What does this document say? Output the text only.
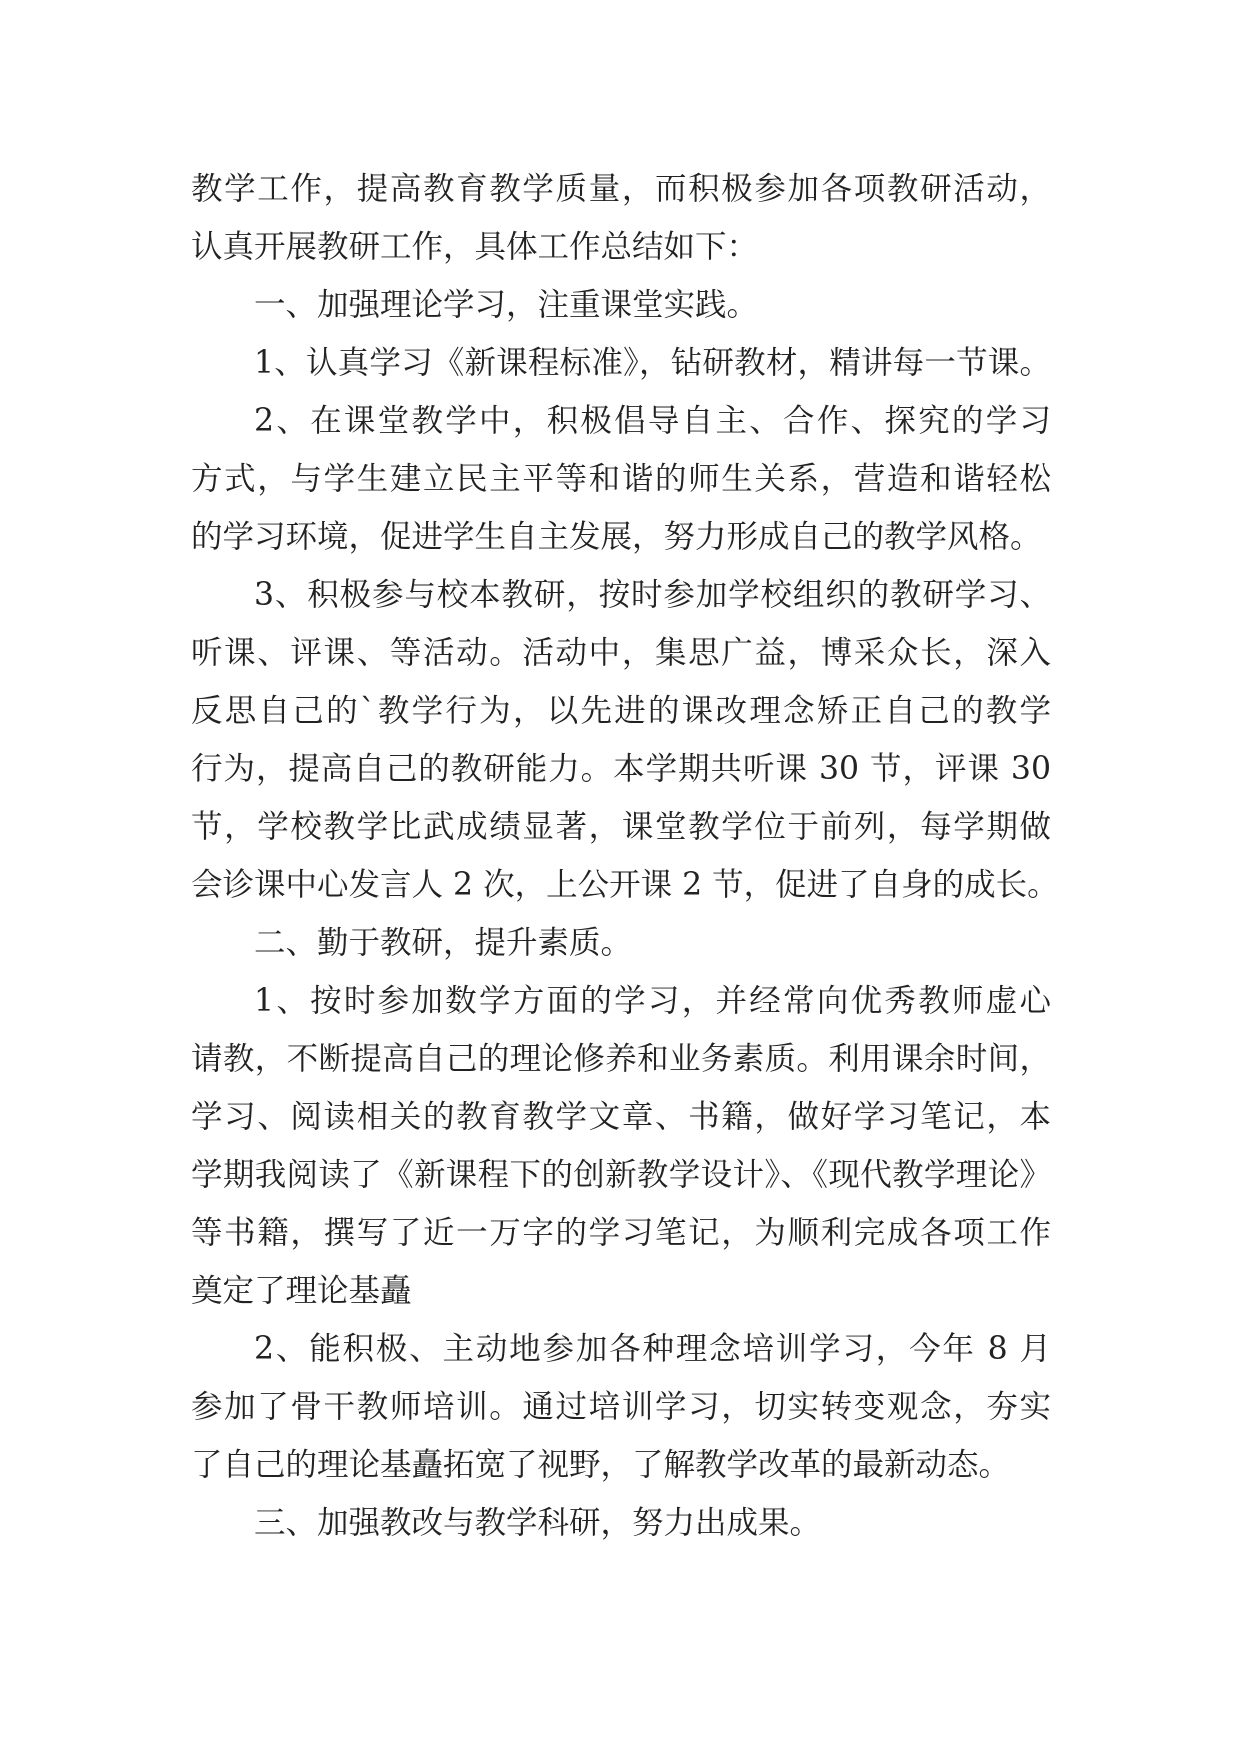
教学工作，提高教育教学质量，而积极参加各项教研活动，
认真开展教研工作，具体工作总结如下：
一、加强理论学习，注重课堂实践。
1、认真学习《新课程标准》，钻研教材，精讲每一节课。
2、在课堂教学中，积极倡导自主、合作、探究的学习
方式，与学生建立民主平等和谐的师生关系，营造和谐轻松
的学习环境，促进学生自主发展，努力形成自己的教学风格。
3、积极参与校本教研，按时参加学校组织的教研学习、
听课、评课、等活动。活动中，集思广益，博采众长，深入
反思自己的`教学行为，以先进的课改理念矫正自己的教学
行为，提高自己的教研能力。本学期共听课 30 节，评课 30
节，学校教学比武成绩显著，课堂教学位于前列，每学期做
会诊课中心发言人 2 次，上公开课 2 节，促进了自身的成长。
二、勤于教研，提升素质。
1、按时参加数学方面的学习，并经常向优秀教师虚心
请教，不断提高自己的理论修养和业务素质。利用课余时间，
学习、阅读相关的教育教学文章、书籍，做好学习笔记，本
学期我阅读了《新课程下的创新教学设计》、《现代教学理论》
等书籍，撰写了近一万字的学习笔记，为顺利完成各项工作
奠定了理论基矗
2、能积极、主动地参加各种理念培训学习，今年 8 月
参加了骨干教师培训。通过培训学习，切实转变观念，夯实
了自己的理论基矗拓宽了视野，了解教学改革的最新动态。
三、加强教改与教学科研，努力出成果。
